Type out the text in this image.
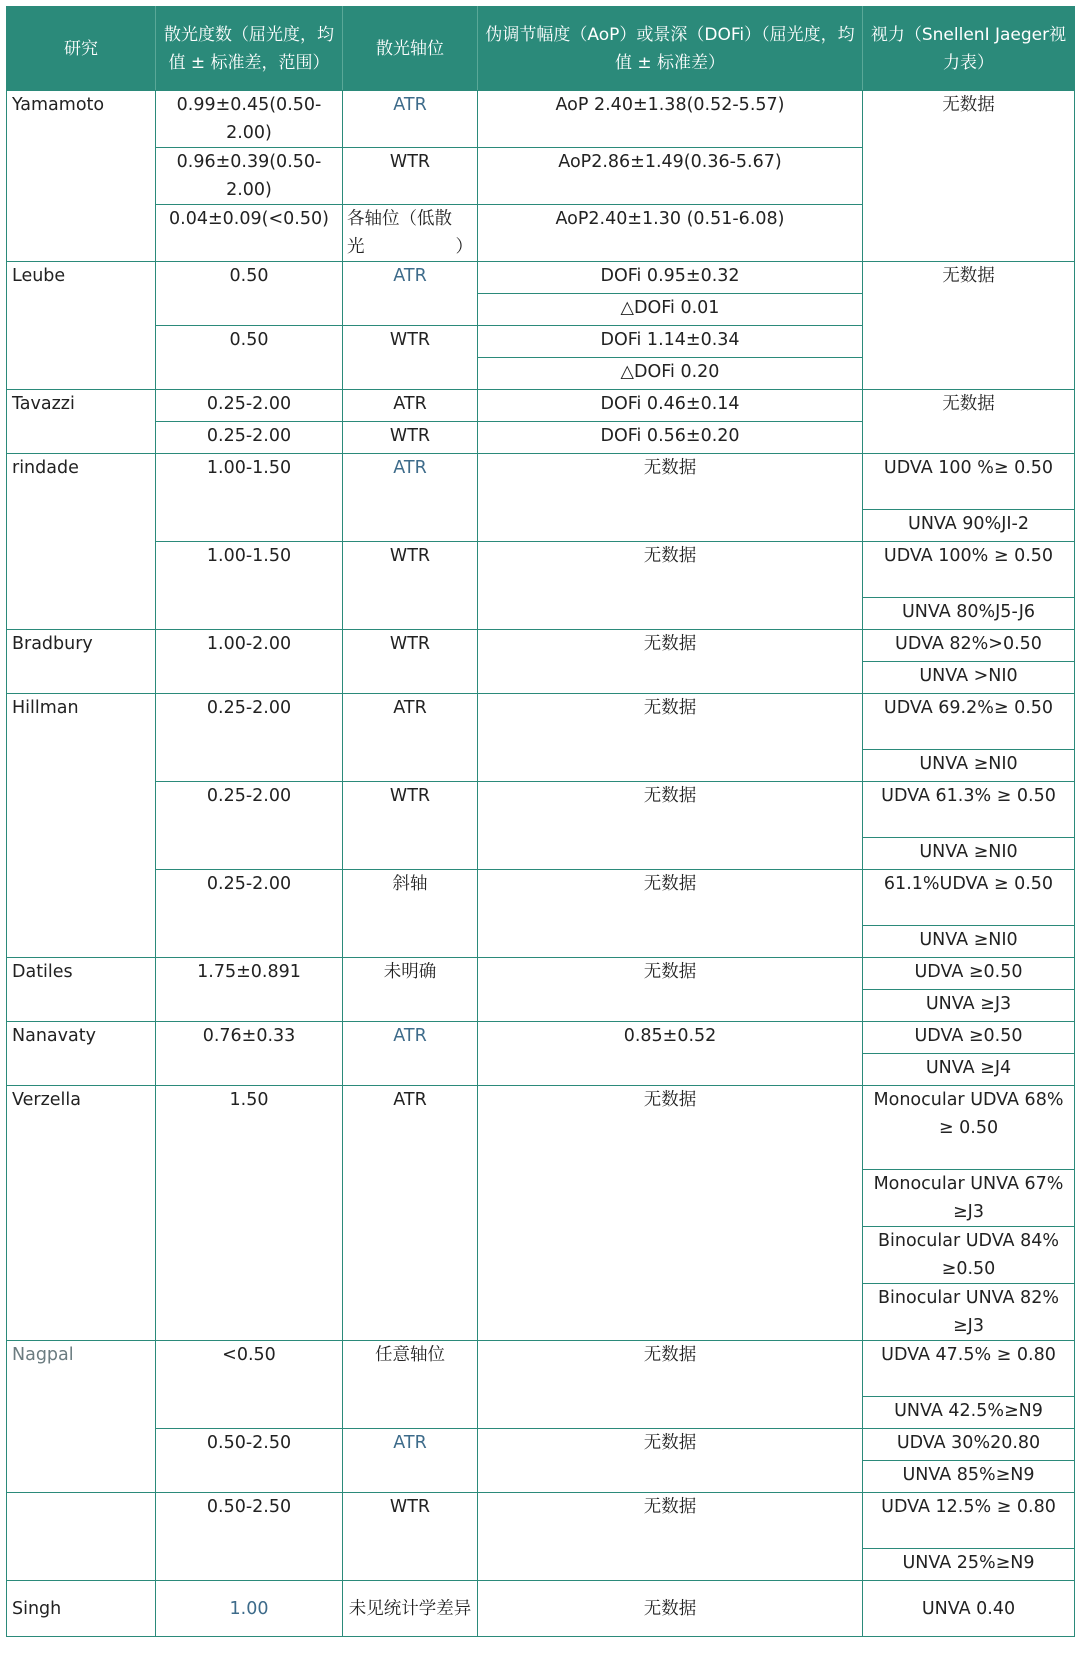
研究	散光度数（屈光度，均值 ± 标准差，范围）	散光轴位	伪调节幅度（AoP）或景深（DOFi）（屈光度，均值 ± 标准差）	视力（SnellenI Jaeger视力表）
Yamamoto	0.99±0.45(0.50-2.00)	ATR	AoP 2.40±1.38(0.52-5.57)	无数据
	0.96±0.39(0.50-2.00)	WTR	AoP2.86±1.49(0.36-5.67)	
	0.04±0.09(<0.50)	各轴位（低散光）	AoP2.40±1.30 (0.51-6.08)	
Leube	0.50	ATR	DOFi 0.95±0.32	无数据
			△DOFi 0.01	
	0.50	WTR	DOFi 1.14±0.34	
			△DOFi 0.20	
Tavazzi	0.25-2.00	ATR	DOFi 0.46±0.14	无数据
	0.25-2.00	WTR	DOFi 0.56±0.20	
rindade	1.00-1.50	ATR	无数据	UDVA 100 %≥ 0.50
				UNVA 90%JI-2
	1.00-1.50	WTR	无数据	UDVA 100% ≥ 0.50
				UNVA 80%J5-J6
Bradbury	1.00-2.00	WTR	无数据	UDVA 82%>0.50
				UNVA >NI0
Hillman	0.25-2.00	ATR	无数据	UDVA 69.2%≥ 0.50
				UNVA ≥NI0
	0.25-2.00	WTR	无数据	UDVA 61.3% ≥ 0.50
				UNVA ≥NI0
	0.25-2.00	斜轴	无数据	61.1%UDVA ≥ 0.50
				UNVA ≥NI0
Datiles	1.75±0.891	未明确	无数据	UDVA ≥0.50
				UNVA ≥J3
Nanavaty	0.76±0.33	ATR	0.85±0.52	UDVA ≥0.50
				UNVA ≥J4
Verzella	1.50	ATR	无数据	Monocular UDVA 68% ≥ 0.50
				Monocular UNVA 67% ≥J3
				Binocular UDVA 84% ≥0.50
				Binocular UNVA 82% ≥J3
Nagpal	<0.50	任意轴位	无数据	UDVA 47.5% ≥ 0.80
				UNVA 42.5%≥N9
	0.50-2.50	ATR	无数据	UDVA 30%20.80
				UNVA 85%≥N9
	0.50-2.50	WTR	无数据	UDVA 12.5% ≥ 0.80
				UNVA 25%≥N9
Singh	1.00	未见统计学差异	无数据	UNVA 0.40
